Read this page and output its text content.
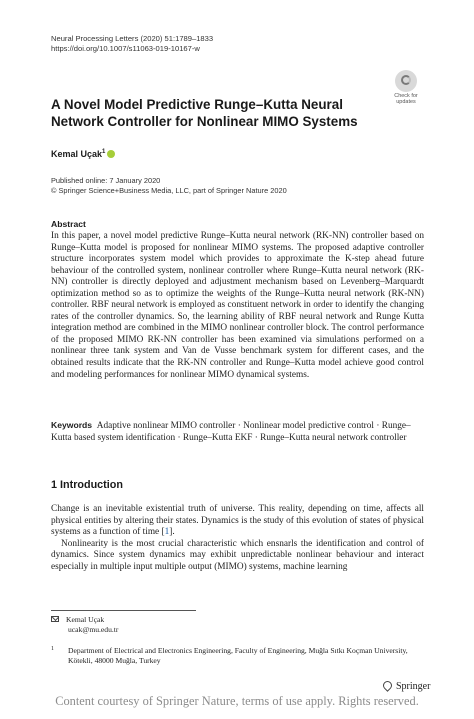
Neural Processing Letters (2020) 51:1789–1833
https://doi.org/10.1007/s11063-019-10167-w
Check for
updates
A Novel Model Predictive Runge–Kutta Neural Network Controller for Nonlinear MIMO Systems
Kemal Uçak$^1$
Published online: 7 January 2020
© Springer Science+Business Media, LLC, part of Springer Nature 2020
Abstract
In this paper, a novel model predictive Runge–Kutta neural network (RK-NN) controller based on Runge–Kutta model is proposed for nonlinear MIMO systems. The proposed adaptive controller structure incorporates system model which provides to approximate the K-step ahead future behaviour of the controlled system, nonlinear controller where Runge–Kutta neural network (RK-NN) controller is directly deployed and adjustment mechanism based on Levenberg–Marquardt optimization method so as to optimize the weights of the Runge–Kutta neural network (RK-NN) controller. RBF neural network is employed as constituent network in order to identify the changing rates of the controller dynamics. So, the learning ability of RBF neural network and Runge Kutta integration method are combined in the MIMO nonlinear controller block. The control performance of the proposed MIMO RK-NN controller has been examined via simulations performed on a nonlinear three tank system and Van de Vusse benchmark system for different cases, and the obtained results indicate that the RK-NN controller and Runge–Kutta model achieve good control and modeling performances for nonlinear MIMO dynamical systems.
Keywords Adaptive nonlinear MIMO controller · Nonlinear model predictive control · Runge–Kutta based system identification · Runge–Kutta EKF · Runge–Kutta neural network controller
1 Introduction

Change is an inevitable existential truth of universe. This reality, depending on time, affects all physical entities by altering their states. Dynamics is the study of this evolution of states of physical systems as a function of time [1].

Nonlinearity is the most crucial characteristic which ensnarls the identification and control of dynamics. Since system dynamics may exhibit unpredictable nonlinear behaviour and interact especially in multiple input multiple output (MIMO) systems, machine learning

Kemal Uçak
ucak@mu.edu.tr
1	Department of Electrical and Electronics Engineering, Faculty of Engineering, Muğla Sıtkı Koçman University, Kötekli, 48000 Muğla, Turkey
Springer
Content courtesy of Springer Nature, terms of use apply. Rights reserved.
